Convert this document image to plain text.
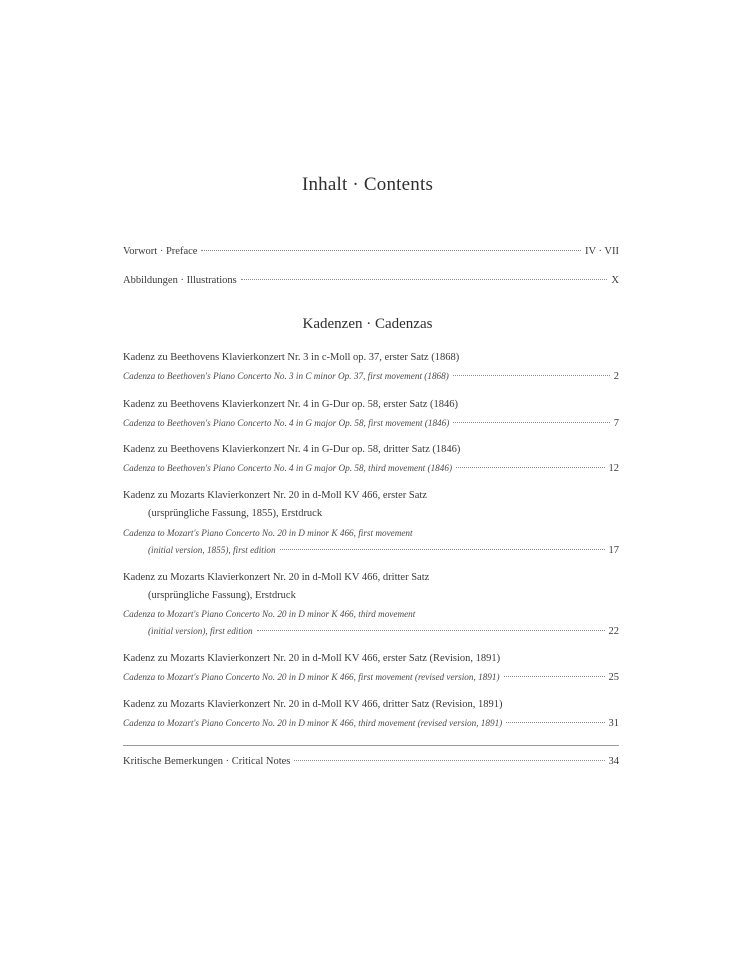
Inhalt · Contents
Vorwort · Preface	IV · VII
Abbildungen · Illustrations	X
Kadenzen · Cadenzas
Kadenz zu Beethovens Klavierkonzert Nr. 3 in c-Moll op. 37, erster Satz (1868)
Cadenza to Beethoven's Piano Concerto No. 3 in C minor Op. 37, first movement (1868)	2
Kadenz zu Beethovens Klavierkonzert Nr. 4 in G-Dur op. 58, erster Satz (1846)
Cadenza to Beethoven's Piano Concerto No. 4 in G major Op. 58, first movement (1846)	7
Kadenz zu Beethovens Klavierkonzert Nr. 4 in G-Dur op. 58, dritter Satz (1846)
Cadenza to Beethoven's Piano Concerto No. 4 in G major Op. 58, third movement (1846)	12
Kadenz zu Mozarts Klavierkonzert Nr. 20 in d-Moll KV 466, erster Satz
(ursprüngliche Fassung, 1855), Erstdruck
Cadenza to Mozart's Piano Concerto No. 20 in D minor K 466, first movement
(initial version, 1855), first edition	17
Kadenz zu Mozarts Klavierkonzert Nr. 20 in d-Moll KV 466, dritter Satz
(ursprüngliche Fassung), Erstdruck
Cadenza to Mozart's Piano Concerto No. 20 in D minor K 466, third movement
(initial version), first edition	22
Kadenz zu Mozarts Klavierkonzert Nr. 20 in d-Moll KV 466, erster Satz (Revision, 1891)
Cadenza to Mozart's Piano Concerto No. 20 in D minor K 466, first movement (revised version, 1891)	25
Kadenz zu Mozarts Klavierkonzert Nr. 20 in d-Moll KV 466, dritter Satz (Revision, 1891)
Cadenza to Mozart's Piano Concerto No. 20 in D minor K 466, third movement (revised version, 1891)	31
Kritische Bemerkungen · Critical Notes	34
